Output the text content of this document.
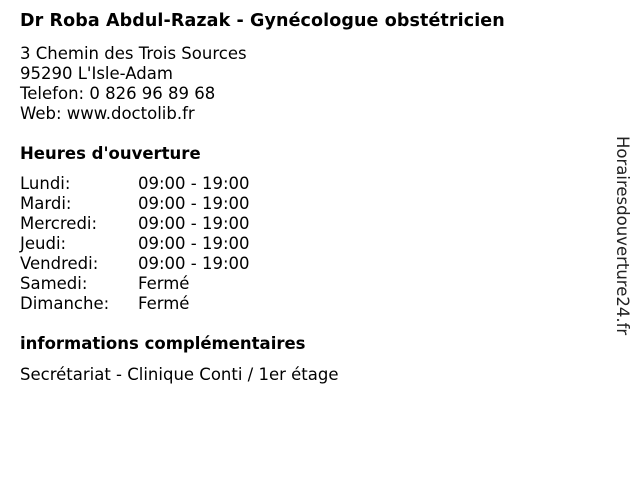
Dr Roba Abdul-Razak - Gynécologue obstétricien
3 Chemin des Trois Sources
95290 L'Isle-Adam
Telefon: 0 826 96 89 68
Web: www.doctolib.fr
Heures d'ouverture
Lundi:	09:00 - 19:00
Mardi:	09:00 - 19:00
Mercredi: 09:00 - 19:00
Jeudi:	09:00 - 19:00
Vendredi: 09:00 - 19:00
Samedi:	Fermé
Dimanche: Fermé
informations complémentaires
Secrétariat - Clinique Conti / 1er étage
Horairesdouverture24.fr
